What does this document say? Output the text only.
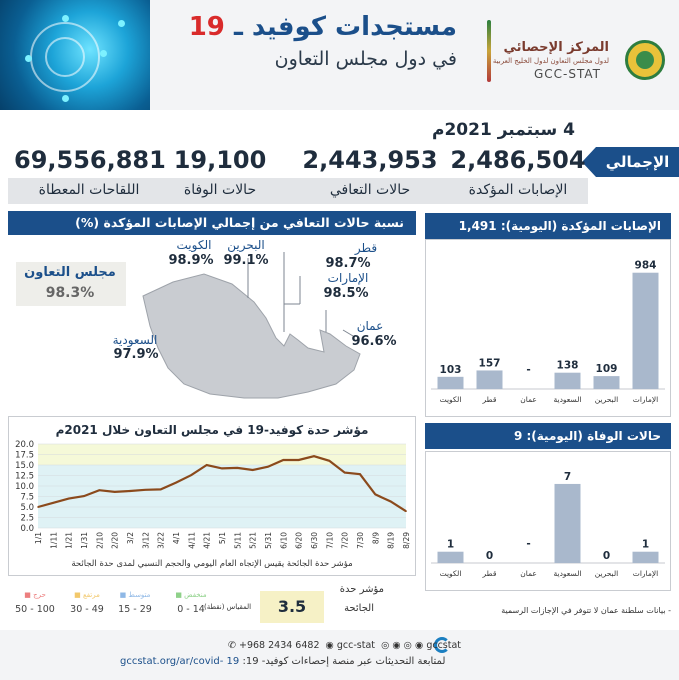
مستجدات كوفيد ـ 19
في دول مجلس التعاون
المركز الإحصائي
لدول مجلس التعاون لدول الخليج العربية
GCC-STAT
4 سبتمبر 2021م
الإجمالي
2,486,504
2,443,953
19,100
69,556,881
الإصابات المؤكدة
حالات التعافي
حالات الوفاة
اللقاحات المعطاة
نسبة حالات التعافي من إجمالي الإصابات المؤكدة (%)
مجلس التعاون
98.3%
الكويت
98.9%
البحرين
99.1%
قطر
98.7%
الإمارات
98.5%
عمان
96.6%
السعودية
97.9%
مؤشر حدة كوفيد-19 في مجلس التعاون خلال 2021م
0.0
2.5
5.0
7.5
10.0
12.5
15.0
17.5
20.0
1/1 1/11 1/21 1/31 2/10 2/20 3/2 3/12 3/22 4/1 4/11 4/21 5/1 5/11 5/21 5/31 6/10 6/20 6/30 7/10 7/20 7/30 8/9 8/19 8/29
مؤشر حدة الجائحة يقيس الإتجاه العام اليومي والحجم النسبي لمدى حدة الجائحة
مؤشر حدة
الجائحة
3.5
المقياس (نقطة)
■ منخفض
0 - 14
■ متوسط
15 - 29
■ مرتفع
30 - 49
■ حرج
50 - 100
الإصابات المؤكدة (اليومية): 1,491
984
الإمارات
109
البحرين
138
السعودية
-
عمان
157
قطر
103
الكويت
حالات الوفاة (اليومية): 9
1
الإمارات
0
البحرين
7
السعودية
-
عمان
0
قطر
1
الكويت
- بيانات سلطنة عمان لا تتوفر في الإجازات الرسمية
✆ +968 2434 6482 ◉ gcc-stat ◎ ◉ ◎ ◉ gccstat
gccstat.org/ar/covid- 19 لمتابعة التحديثات عبر منصة إحصاءات كوفيد- 19:
